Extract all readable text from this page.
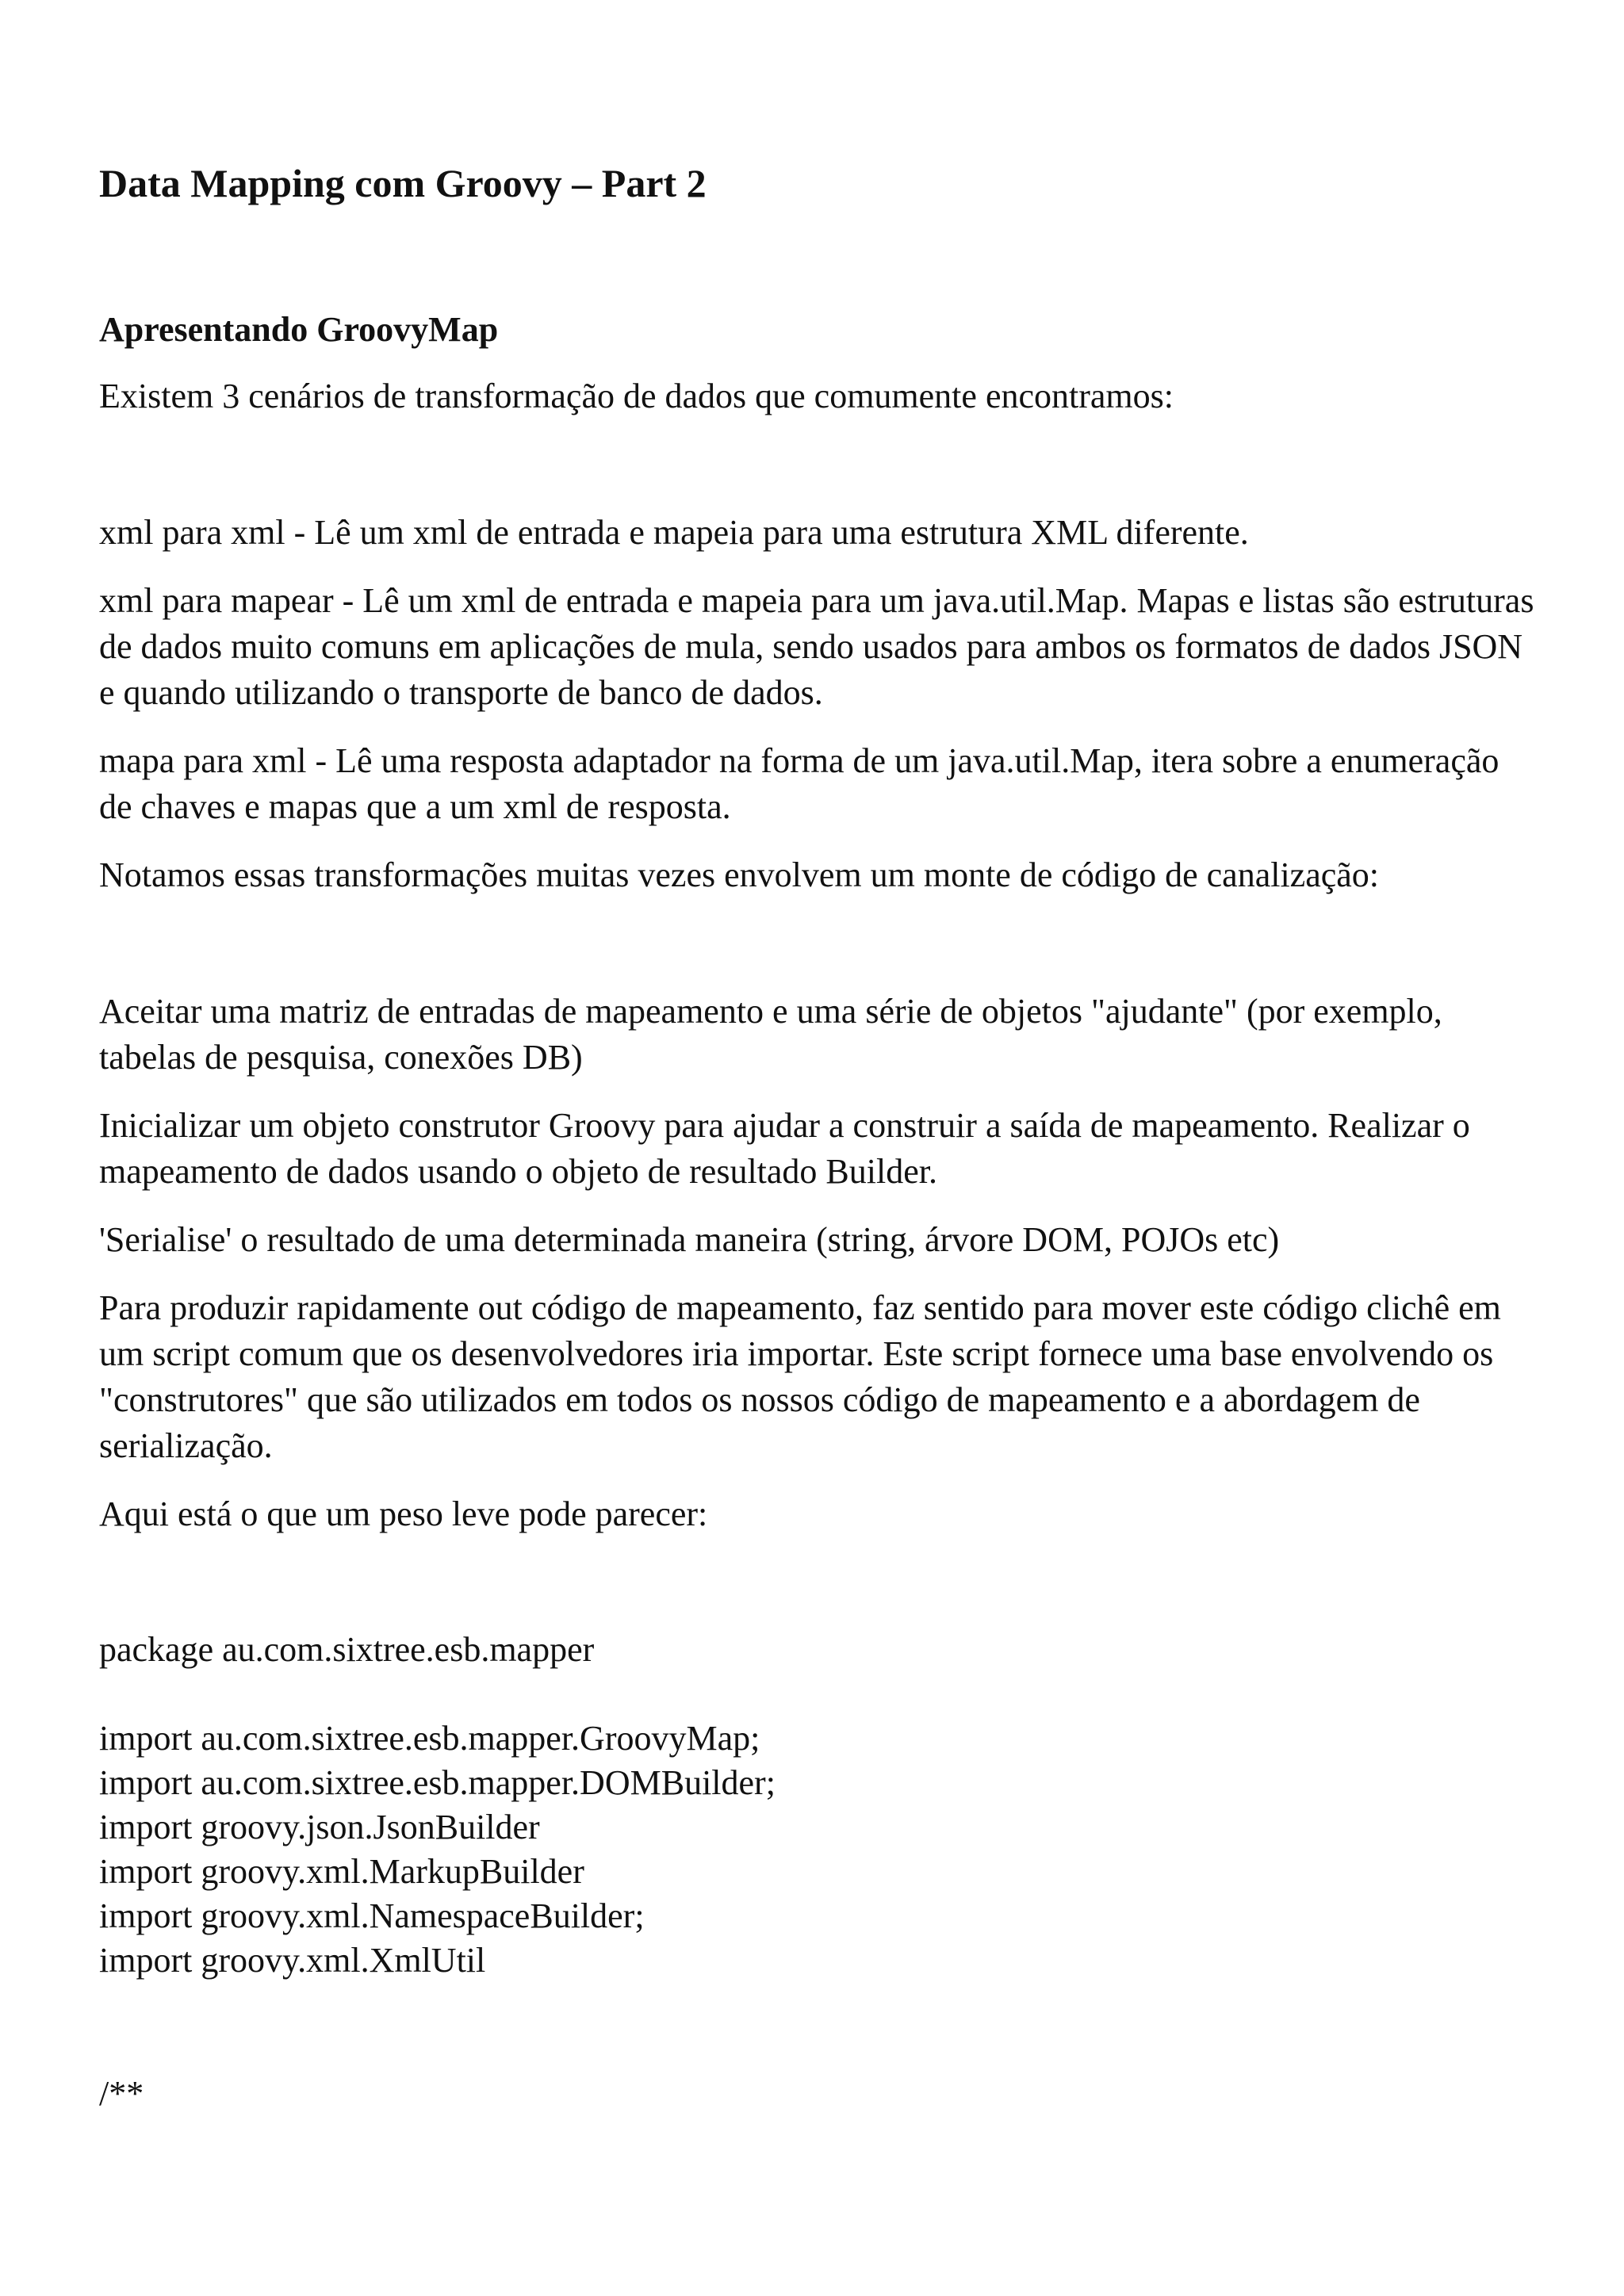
Data Mapping com Groovy – Part 2
Apresentando GroovyMap

Existem 3 cenários de transformação de dados que comumente encontramos:

xml para xml - Lê um xml de entrada e mapeia para uma estrutura XML diferente.

xml para mapear - Lê um xml de entrada e mapeia para um java.util.Map. Mapas e listas são estruturas de dados muito comuns em aplicações de mula, sendo usados para ambos os formatos de dados JSON e quando utilizando o transporte de banco de dados.

mapa para xml - Lê uma resposta adaptador na forma de um java.util.Map, itera sobre a enumeração de chaves e mapas que a um xml de resposta.

Notamos essas transformações muitas vezes envolvem um monte de código de canalização:

Aceitar uma matriz de entradas de mapeamento e uma série de objetos "ajudante" (por exemplo, tabelas de pesquisa, conexões DB)

Inicializar um objeto construtor Groovy para ajudar a construir a saída de mapeamento. Realizar o mapeamento de dados usando o objeto de resultado Builder.

'Serialise' o resultado de uma determinada maneira (string, árvore DOM, POJOs etc)

Para produzir rapidamente out código de mapeamento, faz sentido para mover este código clichê em um script comum que os desenvolvedores iria importar. Este script fornece uma base envolvendo os "construtores" que são utilizados em todos os nossos código de mapeamento e a abordagem de serialização.

Aqui está o que um peso leve pode parecer:

package au.com.sixtree.esb.mapper
import au.com.sixtree.esb.mapper.GroovyMap;
import au.com.sixtree.esb.mapper.DOMBuilder;
import groovy.json.JsonBuilder
import groovy.xml.MarkupBuilder
import groovy.xml.NamespaceBuilder;
import groovy.xml.XmlUtil
/**
